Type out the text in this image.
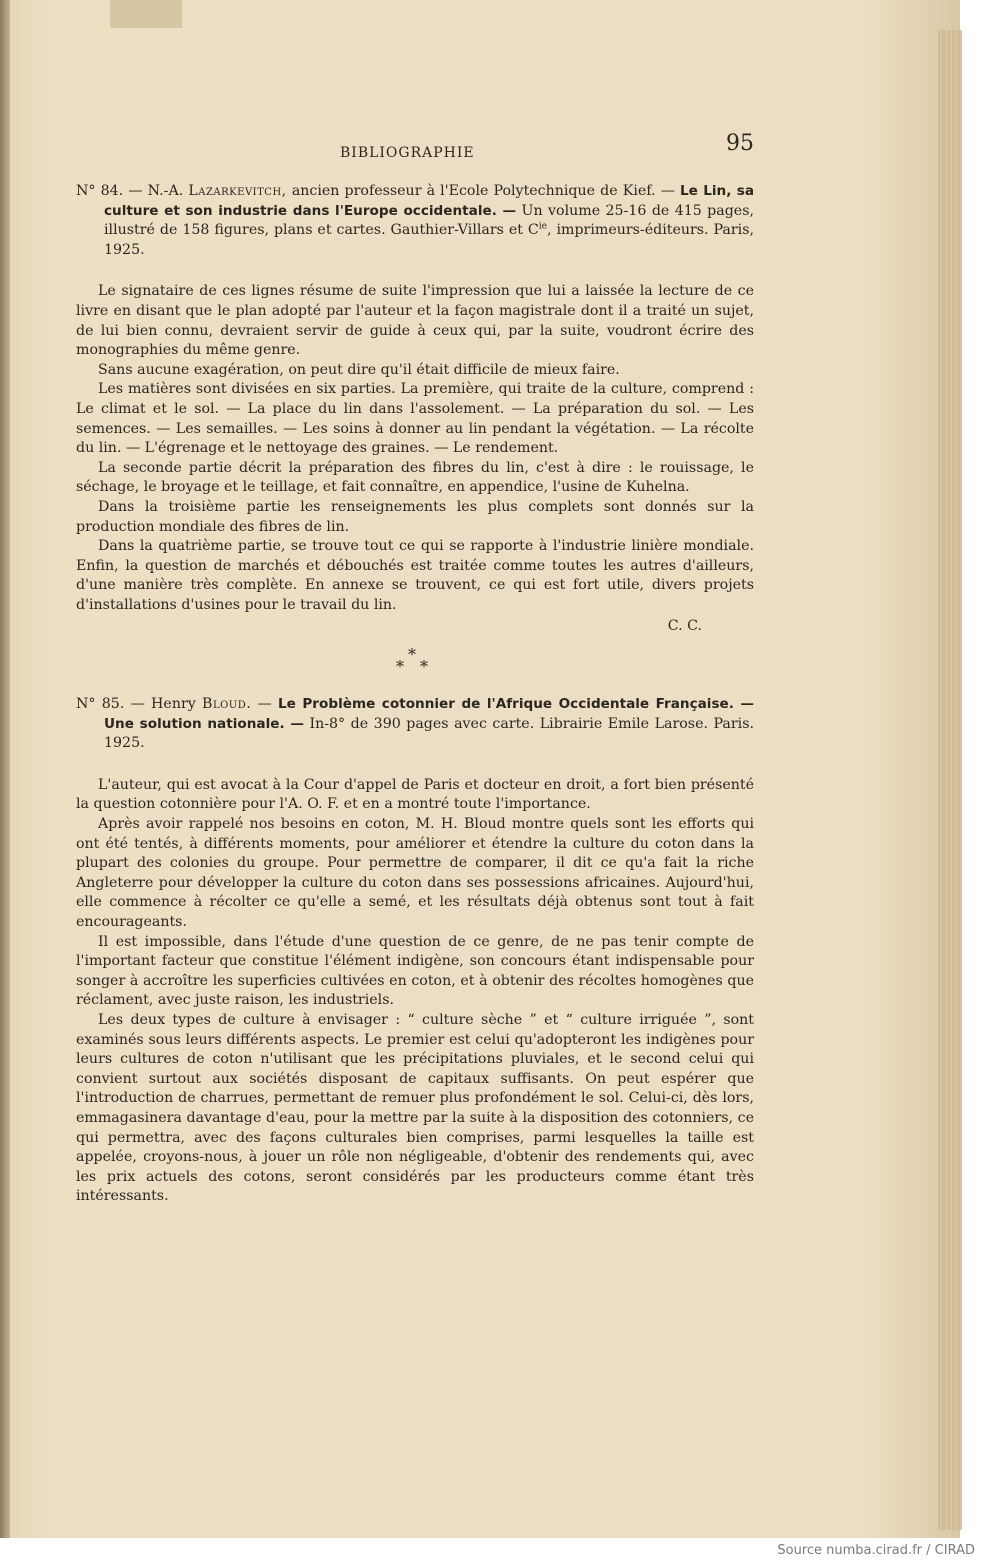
BIBLIOGRAPHIE	95
N° 84. — N.-A. Lazarkevitch, ancien professeur à l'Ecole Polytechnique de Kief. — Le Lin, sa culture et son industrie dans l'Europe occidentale. — Un volume 25-16 de 415 pages, illustré de 158 figures, plans et cartes. Gauthier-Villars et $C^{ie}$, imprimeurs-éditeurs. Paris, 1925.

Le signataire de ces lignes résume de suite l'impression que lui a laissée la lecture de ce livre en disant que le plan adopté par l'auteur et la façon magistrale dont il a traité un sujet, de lui bien connu, devraient servir de guide à ceux qui, par la suite, voudront écrire des monographies du même genre.

Sans aucune exagération, on peut dire qu'il était difficile de mieux faire.

Les matières sont divisées en six parties. La première, qui traite de la culture, comprend : Le climat et le sol. — La place du lin dans l'assolement. — La préparation du sol. — Les semences. — Les semailles. — Les soins à donner au lin pendant la végétation. — La récolte du lin. — L'égrenage et le nettoyage des graines. — Le rendement.

La seconde partie décrit la préparation des fibres du lin, c'est à dire : le rouissage, le séchage, le broyage et le teillage, et fait connaître, en appendice, l'usine de Kuhelna.

Dans la troisième partie les renseignements les plus complets sont donnés sur la production mondiale des fibres de lin.

Dans la quatrième partie, se trouve tout ce qui se rapporte à l'industrie linière mondiale. Enfin, la question de marchés et débouchés est traitée comme toutes les autres d'ailleurs, d'une manière très complète. En annexe se trouvent, ce qui est fort utile, divers projets d'installations d'usines pour le travail du lin.

C. C.
*
* *
N° 85. — Henry Bloud. — Le Problème cotonnier de l'Afrique Occidentale Française. — Une solution nationale. — In-8° de 390 pages avec carte. Librairie Emile Larose. Paris. 1925.

L'auteur, qui est avocat à la Cour d'appel de Paris et docteur en droit, a fort bien présenté la question cotonnière pour l'A. O. F. et en a montré toute l'importance.

Après avoir rappelé nos besoins en coton, M. H. Bloud montre quels sont les efforts qui ont été tentés, à différents moments, pour améliorer et étendre la culture du coton dans la plupart des colonies du groupe. Pour permettre de comparer, il dit ce qu'a fait la riche Angleterre pour développer la culture du coton dans ses possessions africaines. Aujourd'hui, elle commence à récolter ce qu'elle a semé, et les résultats déjà obtenus sont tout à fait encourageants.

Il est impossible, dans l'étude d'une question de ce genre, de ne pas tenir compte de l'important facteur que constitue l'élément indigène, son concours étant indispensable pour songer à accroître les superficies cultivées en coton, et à obtenir des récoltes homogènes que réclament, avec juste raison, les industriels.

Les deux types de culture à envisager : “ culture sèche ” et “ culture irriguée ”, sont examinés sous leurs différents aspects. Le premier est celui qu'adopteront les indigènes pour leurs cultures de coton n'utilisant que les précipitations pluviales, et le second celui qui convient surtout aux sociétés disposant de capitaux suffisants. On peut espérer que l'introduction de charrues, permettant de remuer plus profondément le sol. Celui-ci, dès lors, emmagasinera davantage d'eau, pour la mettre par la suite à la disposition des cotonniers, ce qui permettra, avec des façons culturales bien comprises, parmi lesquelles la taille est appelée, croyons-nous, à jouer un rôle non négligeable, d'obtenir des rendements qui, avec les prix actuels des cotons, seront considérés par les producteurs comme étant très intéressants.

Source numba.cirad.fr / CIRAD
